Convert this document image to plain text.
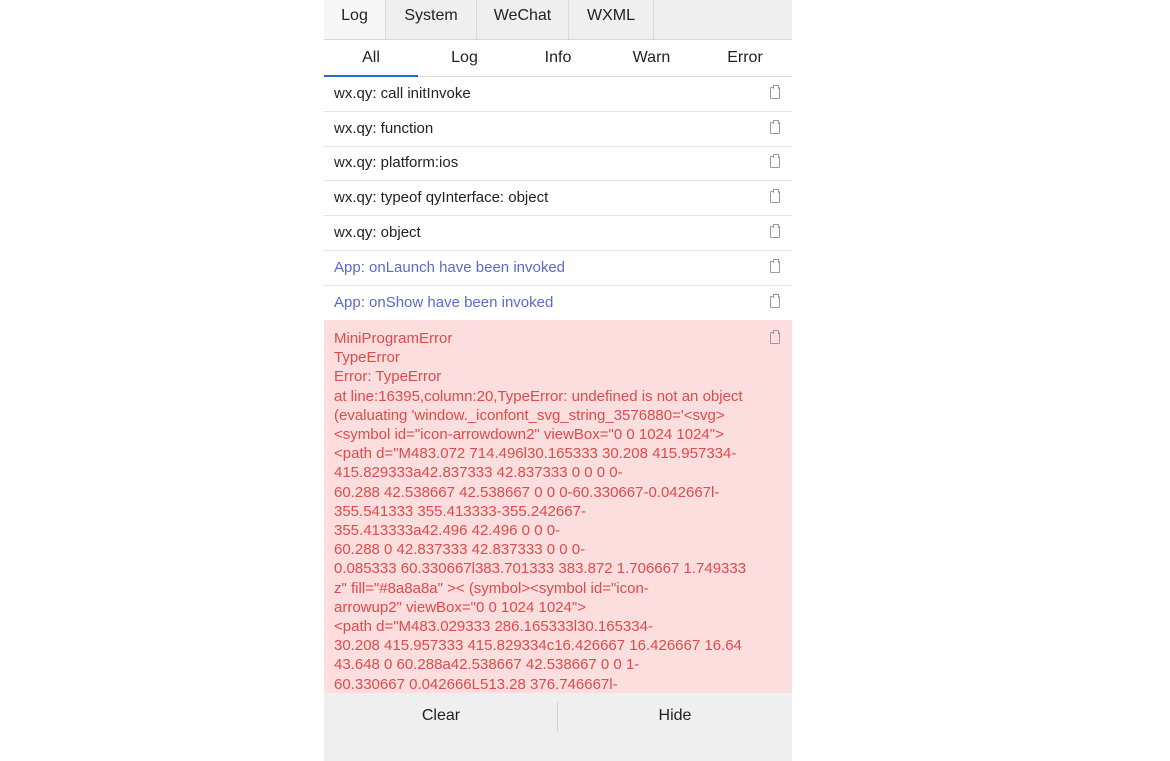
Log	System	WeChat	WXML
All	Log	Info	Warn	Error
wx.qy: call initInvoke
wx.qy: function
wx.qy: platform:ios
wx.qy: typeof qyInterface: object
wx.qy: object
App: onLaunch have been invoked
App: onShow have been invoked
MiniProgramError
TypeError
Error: TypeError
at line:16395,column:20,TypeError: undefined is not an object
(evaluating 'window._iconfont_svg_string_3576880='<svg>
<symbol id="icon-arrowdown2" viewBox="0 0 1024 1024">
<path d="M483.072 714.496l30.165333 30.208 415.957334-
415.829333a42.837333 42.837333 0 0 0 0-
60.288 42.538667 42.538667 0 0 0-60.330667-0.042667l-
355.541333 355.413333-355.242667-
355.413333a42.496 42.496 0 0 0-
60.288 0 42.837333 42.837333 0 0 0-
0.085333 60.330667l383.701333 383.872 1.706667 1.749333
z" fill="#8a8a8a" >< (symbol><symbol id="icon-
arrowup2" viewBox="0 0 1024 1024">
<path d="M483.029333 286.165333l30.165334-
30.208 415.957333 415.829334c16.426667 16.426667 16.64
43.648 0 60.288a42.538667 42.538667 0 0 1-
60.330667 0.042666L513.28 376.746667l-
Clear	Hide
